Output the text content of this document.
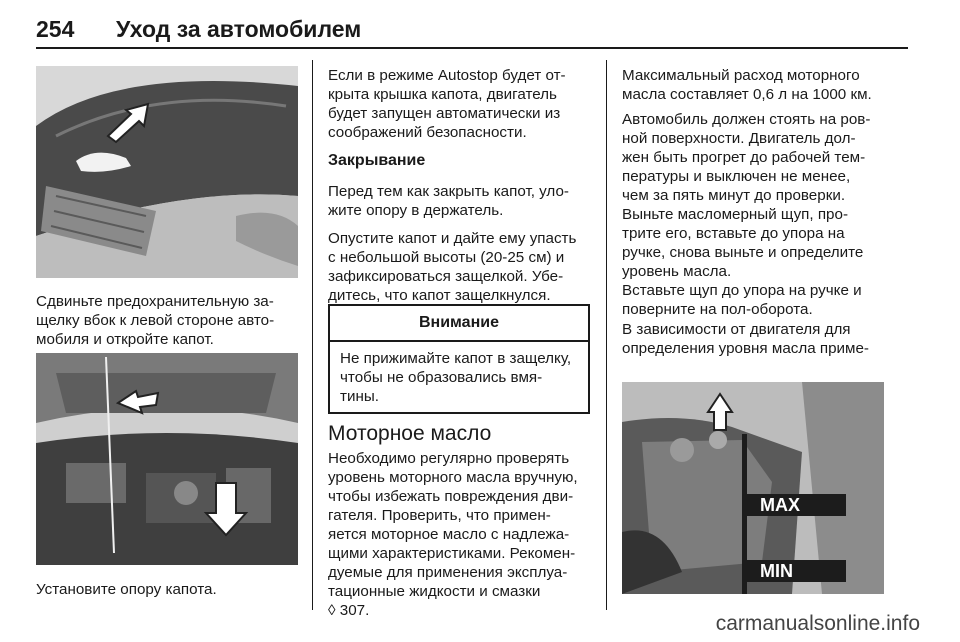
254 Уход за автомобилем

Сдвиньте предохранительную за-

щелку вбок к левой стороне авто-

мобиля и откройте капот.

Установите опору капота.

Если в режиме Autostop будет от-

крыта крышка капота, двигатель

будет запущен автоматически из

соображений безопасности.

Закрывание

Перед тем как закрыть капот, уло-

жите опору в держатель.

Опустите капот и дайте ему упасть

с небольшой высоты (20-25 см) и

зафиксироваться защелкой. Убе-

дитесь, что капот защелкнулся.

Внимание

Не прижимайте капот в защелку,

чтобы не образовались вмя-

тины.

Моторное масло

Необходимо регулярно проверять

уровень моторного масла вручную,

чтобы избежать повреждения дви-

гателя. Проверить, что примен-

яется моторное масло с надлежа-

щими характеристиками. Рекомен-

дуемые для применения эксплуа-

тационные жидкости и смазки

◊ 307.

Максимальный расход моторного

масла составляет 0,6 л на 1000 км.

Автомобиль должен стоять на ров-

ной поверхности. Двигатель дол-

жен быть прогрет до рабочей тем-

пературы и выключен не менее,

чем за пять минут до проверки.

Выньте масломерный щуп, про-

трите его, вставьте до упора на

ручке, снова выньте и определите

уровень масла.

Вставьте щуп до упора на ручке и

поверните на пол-оборота.

В зависимости от двигателя для

определения уровня масла приме-

MAX
MIN
carmanualsonline.info
